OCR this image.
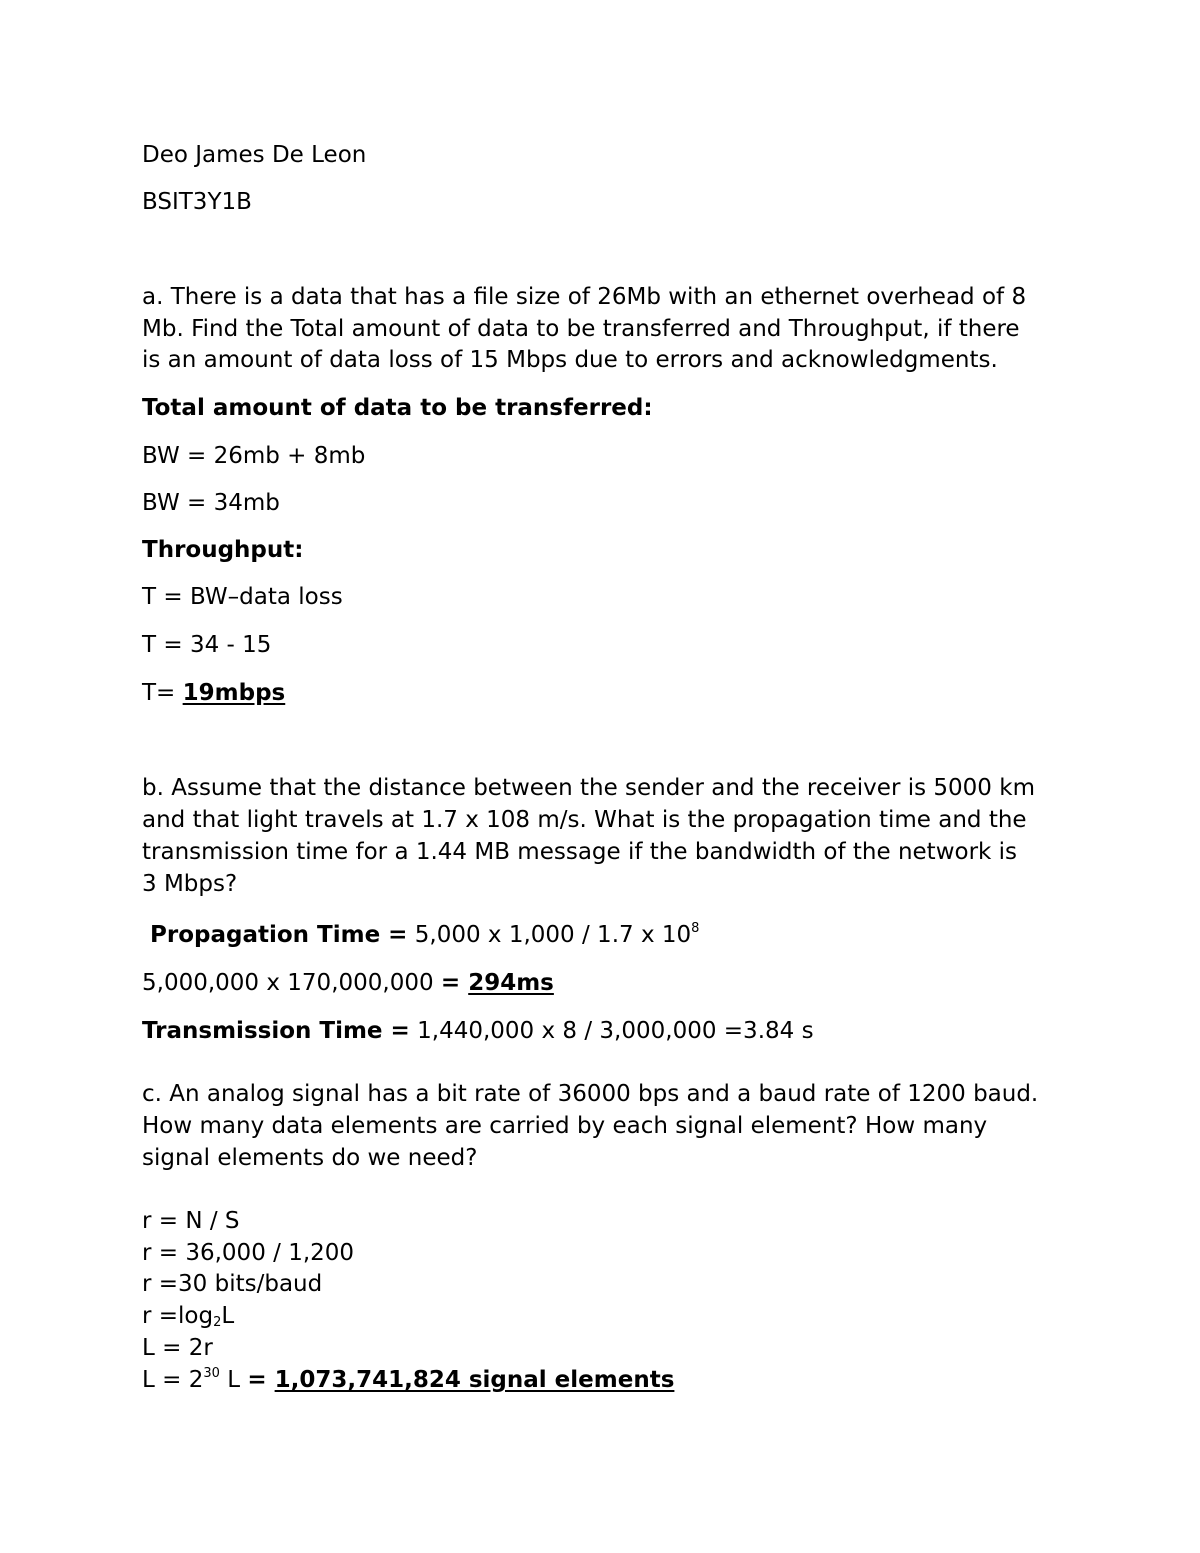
Deo James De Leon
BSIT3Y1B
a. There is a data that has a file size of 26Mb with an ethernet overhead of 8
Mb. Find the Total amount of data to be transferred and Throughput, if there
is an amount of data loss of 15 Mbps due to errors and acknowledgments.
Total amount of data to be transferred:
BW = 26mb + 8mb
BW = 34mb
Throughput:
T = BW–data loss
T = 34 - 15
T= 19mbps
b. Assume that the distance between the sender and the receiver is 5000 km
and that light travels at 1.7 x 108 m/s. What is the propagation time and the
transmission time for a 1.44 MB message if the bandwidth of the network is
3 Mbps?
Propagation Time = 5,000 x 1,000 / 1.7 x $10^8$
5,000,000 x 170,000,000 = 294ms
Transmission Time = 1,440,000 x 8 / 3,000,000 =3.84 s
c. An analog signal has a bit rate of 36000 bps and a baud rate of 1200 baud.
How many data elements are carried by each signal element? How many
signal elements do we need?
r = N / S
r = 36,000 / 1,200
r =30 bits/baud
$r =\log_2L$
L = 2r
$L = 2^{30}$ L = 1,073,741,824 signal elements
